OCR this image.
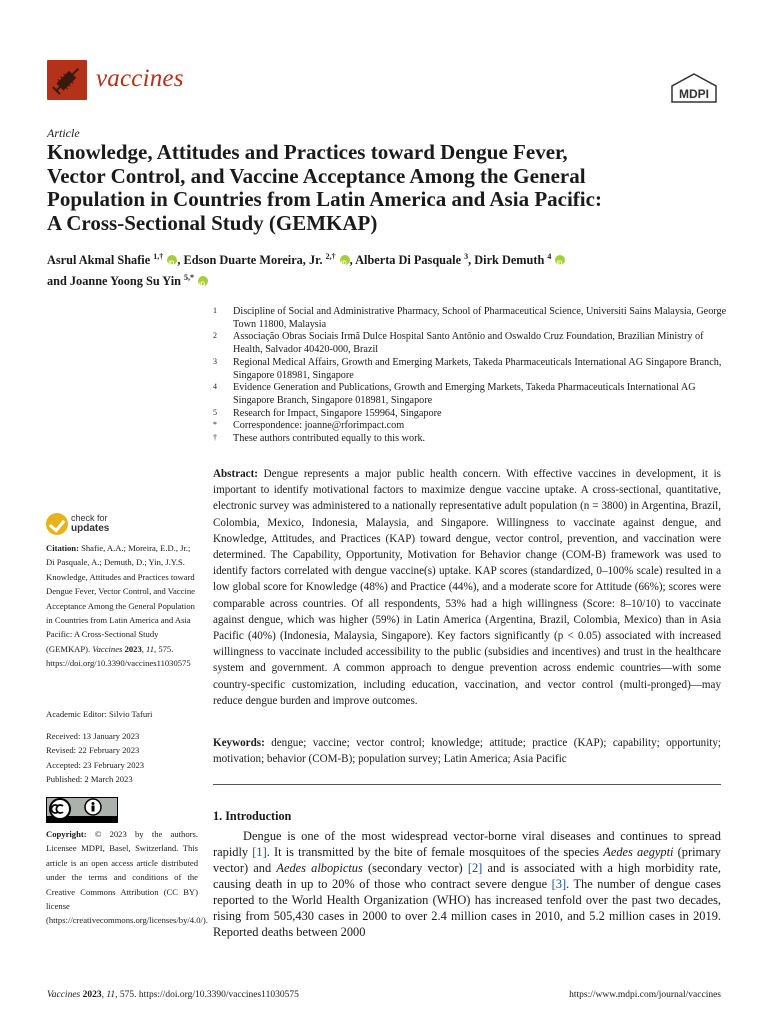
vaccines
MDPI
Article
Knowledge, Attitudes and Practices toward Dengue Fever,
Vector Control, and Vaccine Acceptance Among the General
Population in Countries from Latin America and Asia Pacific:
A Cross-Sectional Study (GEMKAP)
Asrul Akmal Shafie $^{1,\dagger}$ iD , Edson Duarte Moreira, Jr. $^{2,\dagger}$ iD , Alberta Di Pasquale $^3$, Dirk Demuth $^4$ iD
and Joanne Yoong Su Yin $^{5,*}$ iD
1	Discipline of Social and Administrative Pharmacy, School of Pharmaceutical Science, Universiti Sains Malaysia, George Town 11800, Malaysia
2	Associação Obras Sociais Irmã Dulce Hospital Santo Antônio and Oswaldo Cruz Foundation, Brazilian Ministry of Health, Salvador 40420-000, Brazil
3	Regional Medical Affairs, Growth and Emerging Markets, Takeda Pharmaceuticals International AG Singapore Branch, Singapore 018981, Singapore
4	Evidence Generation and Publications, Growth and Emerging Markets, Takeda Pharmaceuticals International AG Singapore Branch, Singapore 018981, Singapore
5	Research for Impact, Singapore 159964, Singapore
*	Correspondence: joanne@rforimpact.com
†	These authors contributed equally to this work.
Abstract: Dengue represents a major public health concern. With effective vaccines in development, it is important to identify motivational factors to maximize dengue vaccine uptake. A cross-sectional, quantitative, electronic survey was administered to a nationally representative adult population (n = 3800) in Argentina, Brazil, Colombia, Mexico, Indonesia, Malaysia, and Singapore. Willingness to vaccinate against dengue, and Knowledge, Attitudes, and Practices (KAP) toward dengue, vector control, prevention, and vaccination were determined. The Capability, Opportunity, Motivation for Behavior change (COM-B) framework was used to identify factors correlated with dengue vaccine(s) uptake. KAP scores (standardized, 0–100% scale) resulted in a low global score for Knowledge (48%) and Practice (44%), and a moderate score for Attitude (66%); scores were comparable across countries. Of all respondents, 53% had a high willingness (Score: 8–10/10) to vaccinate against dengue, which was higher (59%) in Latin America (Argentina, Brazil, Colombia, Mexico) than in Asia Pacific (40%) (Indonesia, Malaysia, Singapore). Key factors significantly (p < 0.05) associated with increased willingness to vaccinate included accessibility to the public (subsidies and incentives) and trust in the healthcare system and government. A common approach to dengue prevention across endemic countries—with some country-specific customization, including education, vaccination, and vector control (multi-pronged)—may reduce dengue burden and improve outcomes.
Keywords: dengue; vaccine; vector control; knowledge; attitude; practice (KAP); capability; opportunity; motivation; behavior (COM-B); population survey; Latin America; Asia Pacific
1. Introduction
Dengue is one of the most widespread vector-borne viral diseases and continues to spread rapidly [1]. It is transmitted by the bite of female mosquitoes of the species Aedes aegypti (primary vector) and Aedes albopictus (secondary vector) [2] and is associated with a high morbidity rate, causing death in up to 20% of those who contract severe dengue [3]. The number of dengue cases reported to the World Health Organization (WHO) has increased tenfold over the past two decades, rising from 505,430 cases in 2000 to over 2.4 million cases in 2010, and 5.2 million cases in 2019. Reported deaths between 2000
check for
updates
Citation: Shafie, A.A.; Moreira, E.D., Jr.; Di Pasquale, A.; Demuth, D.; Yin, J.Y.S. Knowledge, Attitudes and Practices toward Dengue Fever, Vector Control, and Vaccine Acceptance Among the General Population in Countries from Latin America and Asia Pacific: A Cross-Sectional Study (GEMKAP). Vaccines 2023, 11, 575. https://doi.org/10.3390/vaccines11030575
Academic Editor: Silvio Tafuri
Received: 13 January 2023
Revised: 22 February 2023
Accepted: 23 February 2023
Published: 2 March 2023
Copyright: © 2023 by the authors. Licensee MDPI, Basel, Switzerland. This article is an open access article distributed under the terms and conditions of the Creative Commons Attribution (CC BY) license (https://creativecommons.org/licenses/by/4.0/).
Vaccines 2023, 11, 575. https://doi.org/10.3390/vaccines11030575	https://www.mdpi.com/journal/vaccines
